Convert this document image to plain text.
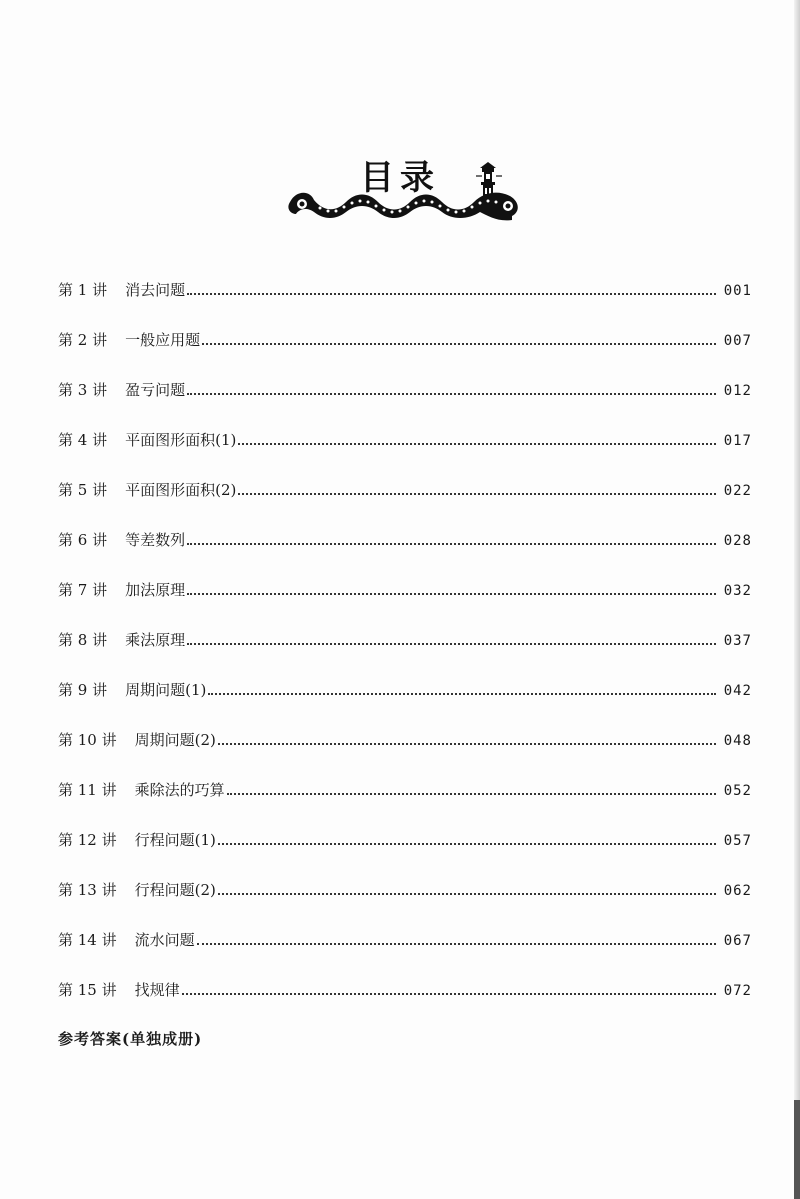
目录
第 1 讲 消去问题	001
第 2 讲 一般应用题	007
第 3 讲 盈亏问题	012
第 4 讲 平面图形面积(1)	017
第 5 讲 平面图形面积(2)	022
第 6 讲 等差数列	028
第 7 讲 加法原理	032
第 8 讲 乘法原理	037
第 9 讲 周期问题(1)	042
第 10 讲 周期问题(2)	048
第 11 讲 乘除法的巧算	052
第 12 讲 行程问题(1)	057
第 13 讲 行程问题(2)	062
第 14 讲 流水问题	067
第 15 讲 找规律	072
参考答案(单独成册)
